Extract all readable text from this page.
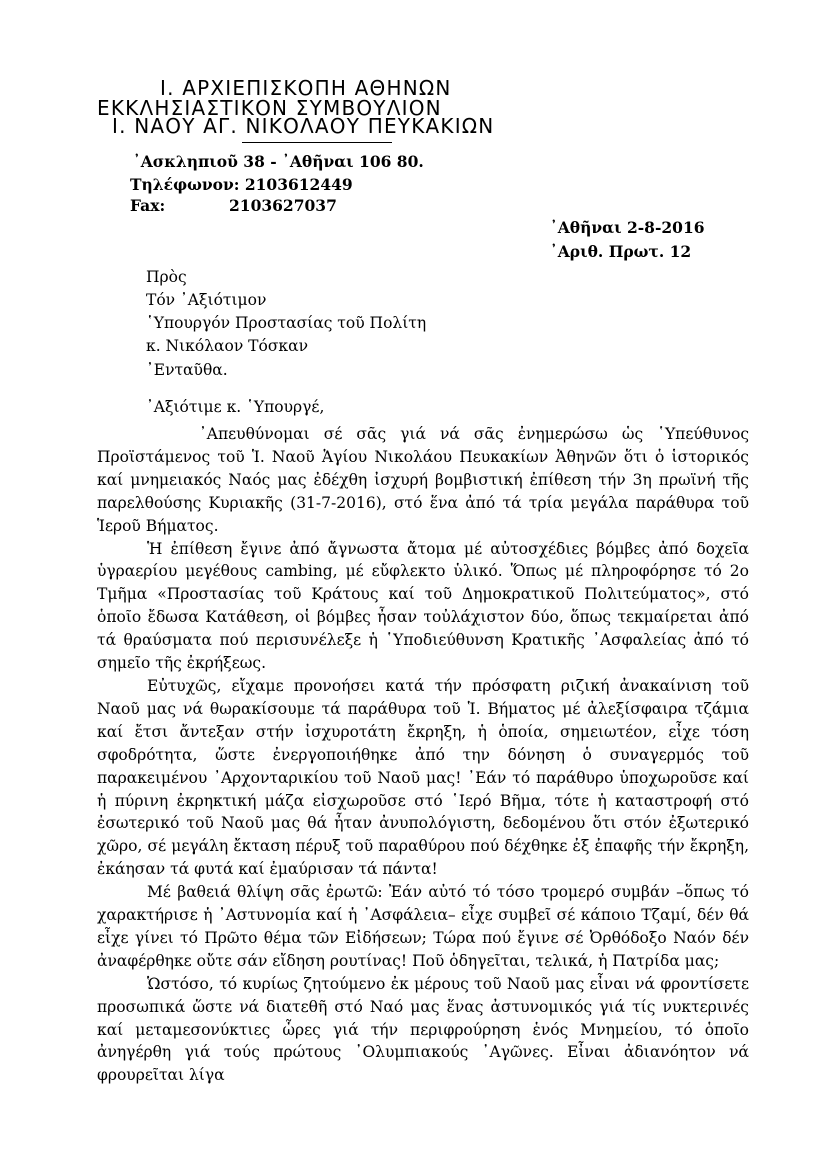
Ι. ΑΡΧΙΕΠΙΣΚΟΠΗ ΑΘΗΝΩΝ
ΕΚΚΛΗΣΙΑΣΤΙΚΟΝ ΣΥΜΒΟΥΛΙΟΝ
Ι. ΝΑΟΥ ΑΓ. ΝΙΚΟΛΑΟΥ ΠΕΥΚΑΚΙΩΝ
᾿Ασκληπιοῦ 38 - ᾿Αθῆναι 106 80.
Τηλέφωνον: 2103612449
Fax:	2103627037
᾿Αθῆναι 2-8-2016
᾿Αριθ. Πρωτ. 12
Πρὸς
Τόν ᾿Αξιότιμον
῾Υπουργόν Προστασίας τοῦ Πολίτη
κ. Νικόλαον Τόσκαν
᾿Ενταῦθα.
᾿Αξιότιμε κ. ῾Υπουργέ,

᾿Απευθύνομαι σέ σᾶς γιά νά σᾶς ἐνημερώσω ὡς ῾Υπεύθυνος Προϊστάμενος τοῦ Ἱ. Ναοῦ Ἁγίου Νικολάου Πευκακίων Ἀθηνῶν ὅτι ὁ ἱστορικός καί μνημειακός Ναός μας ἐδέχθη ἰσχυρή βομβιστική ἐπίθεση τήν 3η πρωϊνή τῆς παρελθούσης Κυριακῆς (31-7-2016), στό ἕνα ἀπό τά τρία μεγάλα παράθυρα τοῦ Ἱεροῦ Βήματος.

Ἡ ἐπίθεση ἔγινε ἀπό ἄγνωστα ἄτομα μέ αὐτοσχέδιες βόμβες ἀπό δοχεῖα ὑγραερίου μεγέθους cambing, μέ εὔφλεκτο ὑλικό. Ὅπως μέ πληροφόρησε τό 2ο Τμῆμα «Προστασίας τοῦ Κράτους καί τοῦ Δημοκρατικοῦ Πολιτεύματος», στό ὁποῖο ἔδωσα Κατάθεση, οἱ βόμβες ἦσαν τοὐλάχιστον δύο, ὅπως τεκμαίρεται ἀπό τά θραύσματα πού περισυνέλεξε ἡ ῾Υποδιεύθυνση Κρατικῆς ᾿Ασφαλείας ἀπό τό σημεῖο τῆς ἐκρήξεως.

Εὐτυχῶς, εἴχαμε προνοήσει κατά τήν πρόσφατη ριζική ἀνακαίνιση τοῦ Ναοῦ μας νά θωρακίσουμε τά παράθυρα τοῦ Ἱ. Βήματος μέ ἀλεξίσφαιρα τζάμια καί ἔτσι ἄντεξαν στήν ἰσχυροτάτη ἔκρηξη, ἡ ὁποία, σημειωτέον, εἶχε τόση σφοδρότητα, ὥστε ἐνεργοποιήθηκε ἀπό την δόνηση ὁ συναγερμός τοῦ παρακειμένου ᾿Αρχονταρικίου τοῦ Ναοῦ μας! ᾿Εάν τό παράθυρο ὑποχωροῦσε καί ἡ πύρινη ἐκρηκτική μάζα εἰσχωροῦσε στό ῾Ιερό Βῆμα, τότε ἡ καταστροφή στό ἐσωτερικό τοῦ Ναοῦ μας θά ἦταν ἀνυπολόγιστη, δεδομένου ὅτι στόν ἐξωτερικό χῶρο, σέ μεγάλη ἔκταση πέρυξ τοῦ παραθύρου πού δέχθηκε ἐξ ἐπαφῆς τήν ἔκρηξη, ἐκάησαν τά φυτά καί ἐμαύρισαν τά πάντα!

Μέ βαθειά θλίψη σᾶς ἐρωτῶ: Ἐάν αὐτό τό τόσο τρομερό συμβάν –ὅπως τό χαρακτήρισε ἡ ᾿Αστυνομία καί ἡ ᾿Ασφάλεια– εἶχε συμβεῖ σέ κάποιο Τζαμί, δέν θά εἶχε γίνει τό Πρῶτο θέμα τῶν Εἰδήσεων; Τώρα πού ἔγινε σέ Ὀρθόδοξο Ναόν δέν ἀναφέρθηκε οὔτε σάν εἴδηση ρουτίνας! Ποῦ ὁδηγεῖται, τελικά, ἡ Πατρίδα μας;

Ὡστόσο, τό κυρίως ζητούμενο ἐκ μέρους τοῦ Ναοῦ μας εἶναι νά φροντίσετε προσωπικά ὥστε νά διατεθῆ στό Ναό μας ἕνας ἀστυνομικός γιά τίς νυκτερινές καί μεταμεσονύκτιες ὧρες γιά τήν περιφρούρηση ἑνός Μνημείου, τό ὁποῖο ἀνηγέρθη γιά τούς πρώτους ᾿Ολυμπιακούς ᾿Αγῶνες. Εἶναι ἀδιανόητον νά φρουρεῖται λίγα
